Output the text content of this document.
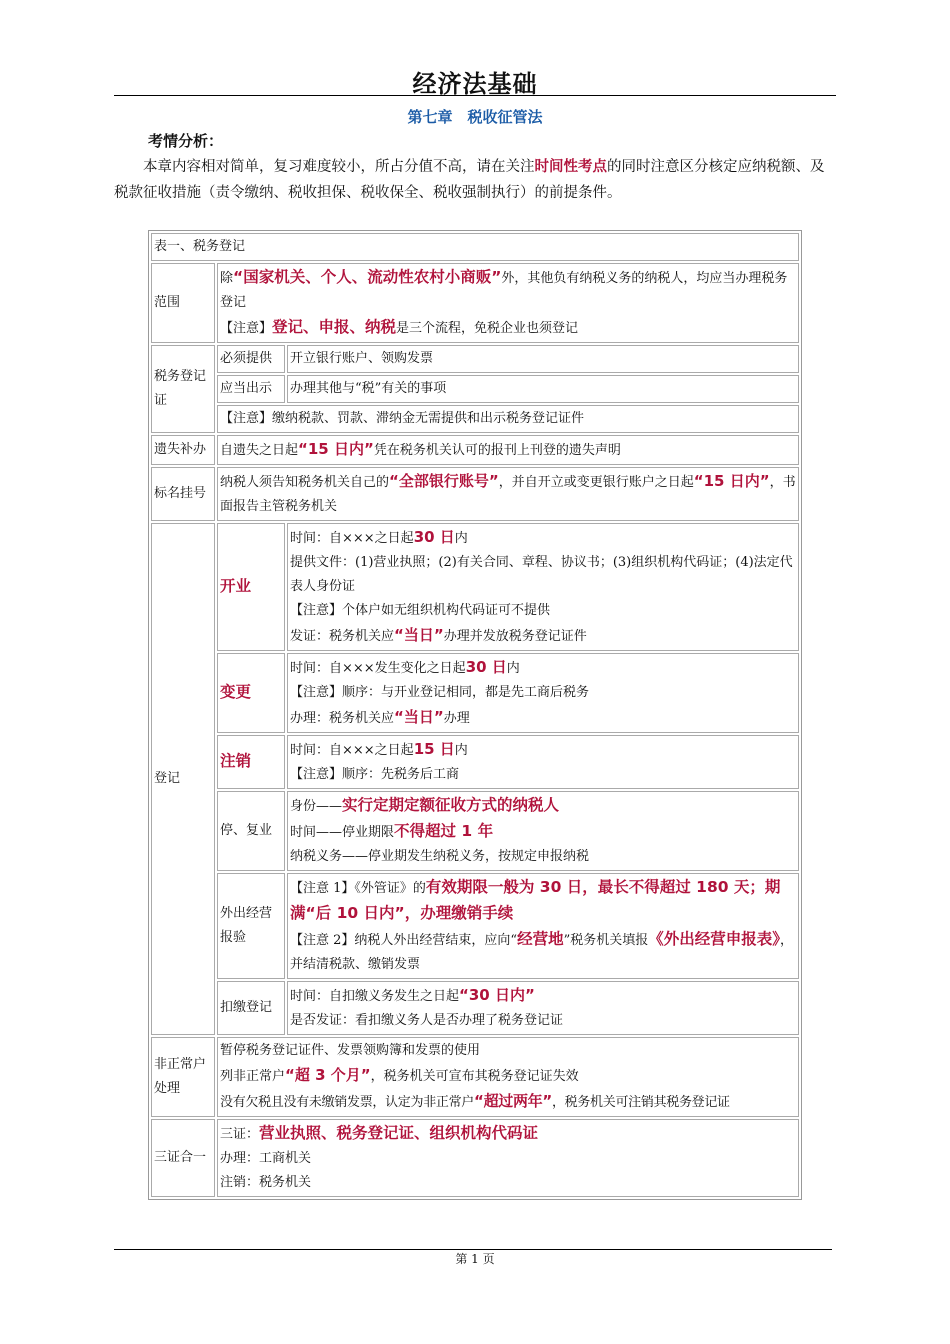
经济法基础
第七章　税收征管法
考情分析：
  本章内容相对简单，复习难度较小，所占分值不高，请在关注时间性考点的同时注意区分核定应纳税额、及税款征收措施（责令缴纳、税收担保、税收保全、税收强制执行）的前提条件。
表一、税务登记		
范围	除“国家机关、个人、流动性农村小商贩”外，其他负有纳税义务的纳税人，均应当办理税务登记
【注意】登记、申报、纳税是三个流程，免税企业也须登记	

税务登记证	必须提供	开立银行账户、领购发票
	应当出示	办理其他与“税”有关的事项
	【注意】缴纳税款、罚款、滞纳金无需提供和出示税务登记证件	
遗失补办	自遗失之日起“15 日内”凭在税务机关认可的报刊上刊登的遗失声明	
标名挂号	纳税人须告知税务机关自己的“全部银行账号”，并自开立或变更银行账户之日起“15 日内”，书面报告主管税务机关	
登记	开业	时间：自×××之日起30 日内
提供文件：(1)营业执照；(2)有关合同、章程、协议书；(3)组织机构代码证；(4)法定代表人身份证
【注意】个体户如无组织机构代码证可不提供
发证：税务机关应“当日”办理并发放税务登记证件

	变更	时间：自×××发生变化之日起30 日内
【注意】顺序：与开业登记相同，都是先工商后税务
办理：税务机关应“当日”办理

	注销	时间：自×××之日起15 日内
【注意】顺序：先税务后工商

	停、复业	身份——实行定期定额征收方式的纳税人
时间——停业期限不得超过 1 年
纳税义务——停业期发生纳税义务，按规定申报纳税

	外出经营报验	【注意 1】《外管证》的有效期限一般为 30 日，最长不得超过 180 天；期满“后 10 日内”，办理缴销手续
【注意 2】纳税人外出经营结束，应向“经营地”税务机关填报《外出经营申报表》，并结清税款、缴销发票

	扣缴登记	时间：自扣缴义务发生之日起“30 日内”
是否发证：看扣缴义务人是否办理了税务登记证

非正常户处理	暂停税务登记证件、发票领购簿和发票的使用
列非正常户“超 3 个月”，税务机关可宣布其税务登记证失效
没有欠税且没有未缴销发票，认定为非正常户“超过两年”，税务机关可注销其税务登记证	

三证合一	三证：营业执照、税务登记证、组织机构代码证
办理：工商机关
注销：税务机关	
第 1 页
